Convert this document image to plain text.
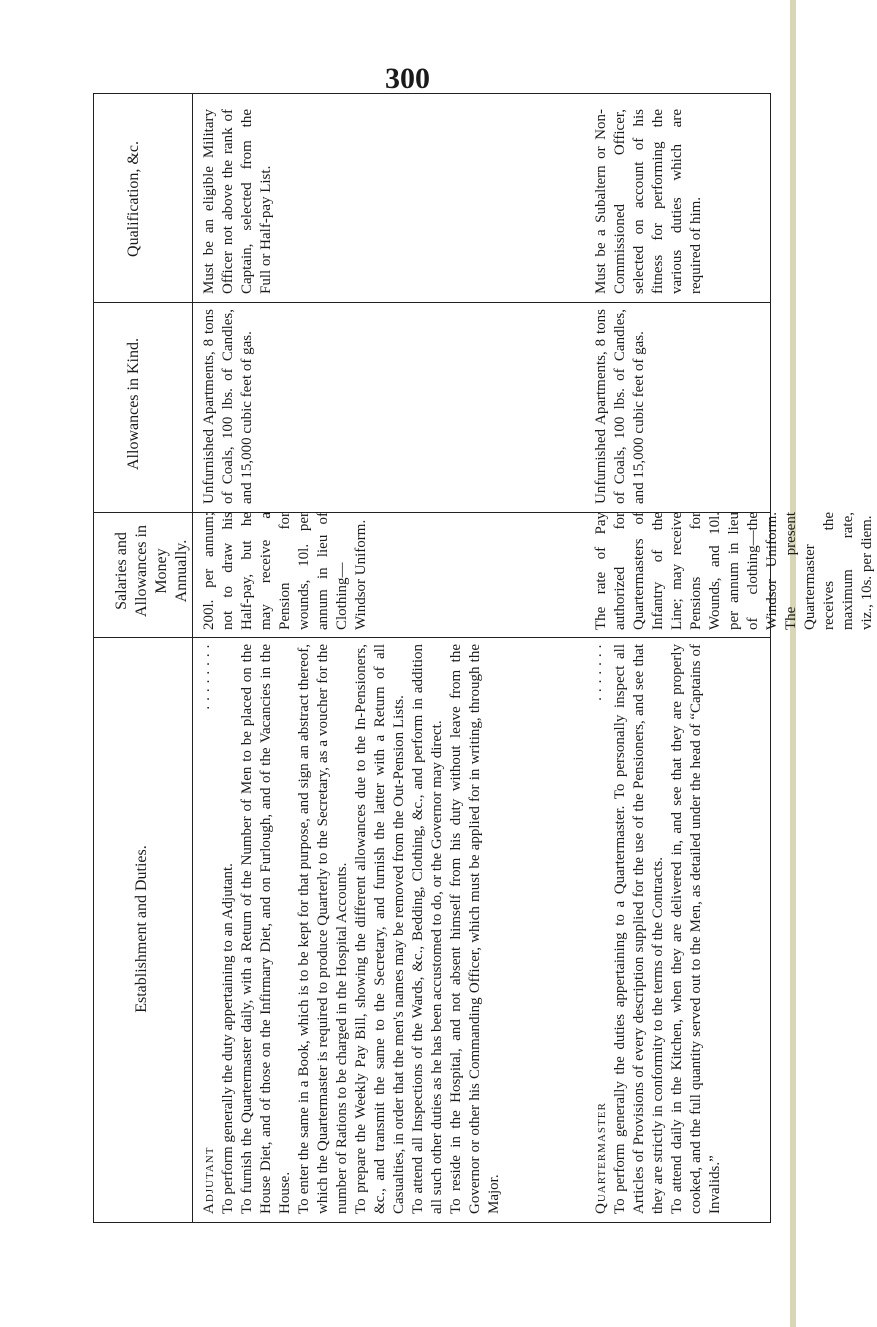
300
Qualification, &c.
Allowances in Kind.
Salaries and Allowances in Money Annually.
Establishment and Duties.
Must be an eligible Military Officer not above the rank of Captain, selected from the Full or Half-pay List.
Unfurnished Apartments, 8 tons of Coals, 100 lbs. of Candles, and 15,000 cubic feet of gas.
200l. per annum; not to draw his Half-pay, but he may receive a Pension for wounds, 10l. per annum in lieu of Clothing—Windsor Uniform.
Must be a Subaltern or Non-Commissioned Officer, selected on account of his fitness for performing the various duties which are required of him.
Unfurnished Apartments, 8 tons of Coals, 100 lbs. of Candles, and 15,000 cubic feet of gas.
The rate of Pay authorized for Quartermasters of Infantry of the Line; may receive Pensions for Wounds, and 10l. per annum in lieu of clothing—the Windsor Uniform. The present Quartermaster receives the maximum rate, viz., 10s. per diem.
Adjutant
· · · · · · · ·
To perform generally the duty appertaining to an Adjutant. To furnish the Quartermaster daily, with a Return of the Number of Men to be placed on the House Diet, and of those on the Infirmary Diet, and on Furlough, and of the Vacancies in the House. To enter the same in a Book, which is to be kept for that purpose, and sign an abstract thereof, which the Quartermaster is required to produce Quarterly to the Secretary, as a voucher for the number of Rations to be charged in the Hospital Accounts. To prepare the Weekly Pay Bill, showing the different allowances due to the In-Pensioners, &c., and transmit the same to the Secretary, and furnish the latter with a Return of all Casualties, in order that the men's names may be removed from the Out-Pension Lists. To attend all Inspections of the Wards, &c., Bedding, Clothing, &c., and perform in addition all such other duties as he has been accustomed to do, or the Governor may direct. To reside in the Hospital, and not absent himself from his duty without leave from the Governor or other his Commanding Officer, which must be applied for in writing, through the Major.	Quartermaster
· · · · · · · To perform generally the duties appertaining to a Quartermaster. To personally inspect all Articles of Provisions of every description supplied for the use of the Pensioners, and see that they are strictly in conformity to the terms of the Contracts. To attend daily in the Kitchen, when they are delivered in, and see that they are properly cooked, and the full quantity served out to the Men, as detailed under the head of “Captains of Invalids.”
